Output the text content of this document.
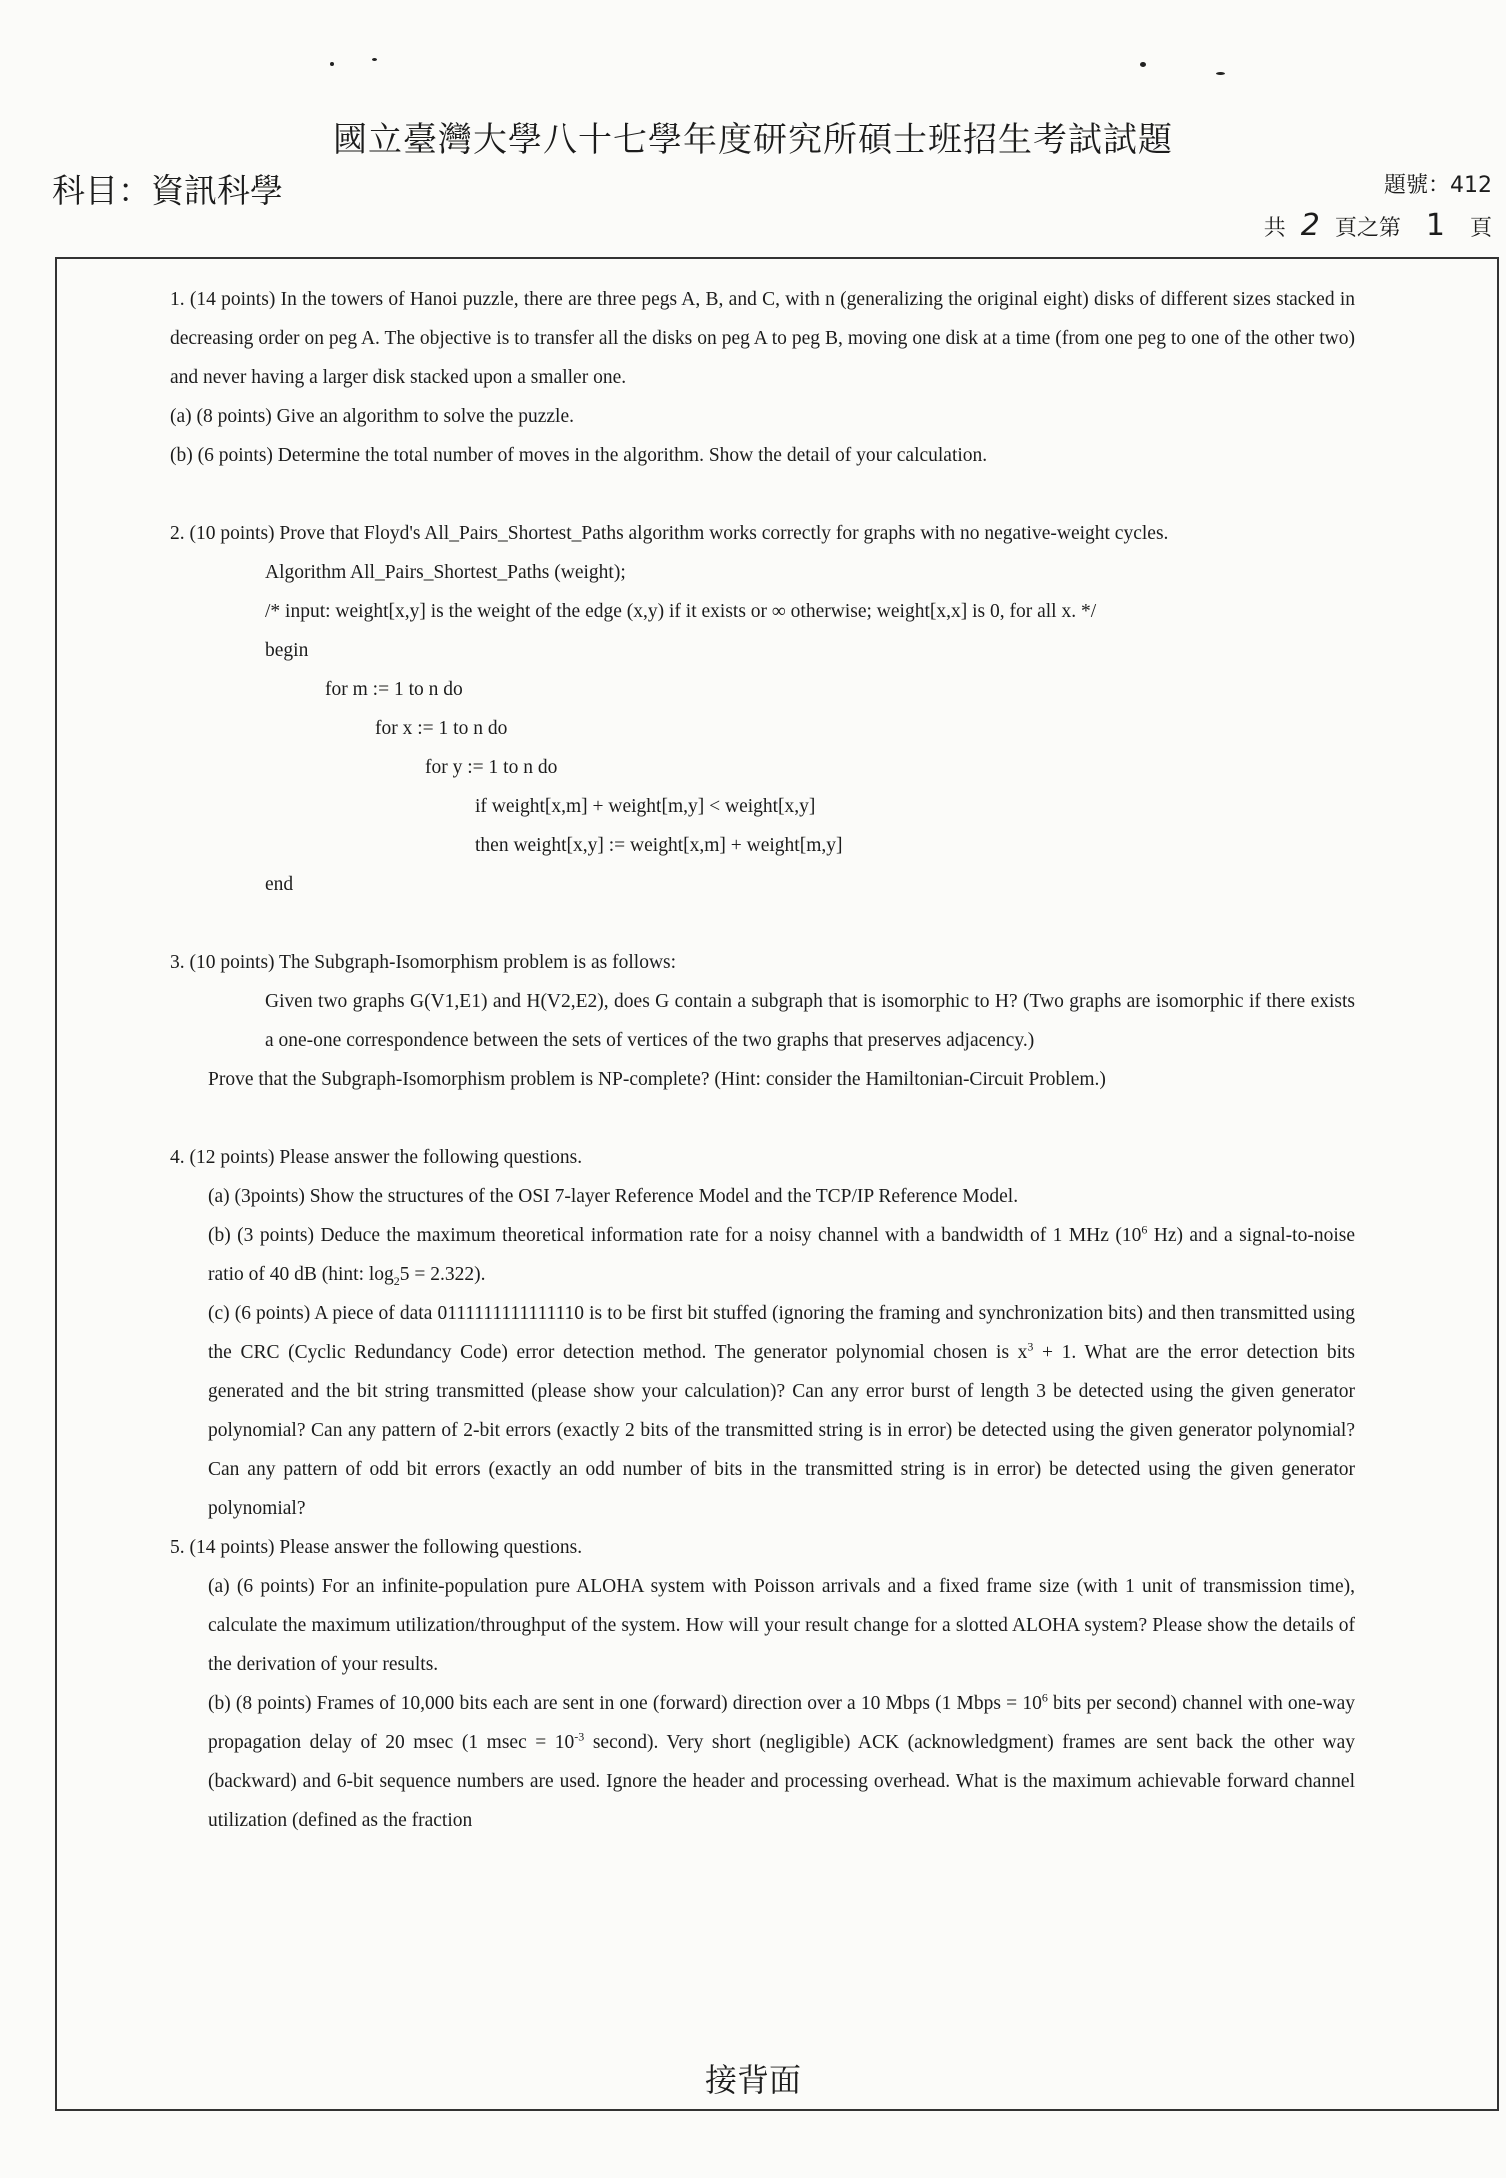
國立臺灣大學八十七學年度研究所碩士班招生考試試題
科目：資訊科學	題號：412
共 2 頁之第 1 頁

1. (14 points) In the towers of Hanoi puzzle, there are three pegs A, B, and C, with n (generalizing the original eight) disks of different sizes stacked in decreasing order on peg A. The objective is to transfer all the disks on peg A to peg B, moving one disk at a time (from one peg to one of the other two) and never having a larger disk stacked upon a smaller one.

(a) (8 points) Give an algorithm to solve the puzzle.

(b) (6 points) Determine the total number of moves in the algorithm. Show the detail of your calculation.

2. (10 points) Prove that Floyd's All_Pairs_Shortest_Paths algorithm works correctly for graphs with no negative-weight cycles.

Algorithm All_Pairs_Shortest_Paths (weight);

/* input: weight[x,y] is the weight of the edge (x,y) if it exists or ∞ otherwise; weight[x,x] is 0, for all x. */

begin

for m := 1 to n do

for x := 1 to n do

for y := 1 to n do

if weight[x,m] + weight[m,y] < weight[x,y]

then weight[x,y] := weight[x,m] + weight[m,y]

end

3. (10 points) The Subgraph-Isomorphism problem is as follows:

Given two graphs G(V1,E1) and H(V2,E2), does G contain a subgraph that is isomorphic to H? (Two graphs are isomorphic if there exists a one-one correspondence between the sets of vertices of the two graphs that preserves adjacency.)

Prove that the Subgraph-Isomorphism problem is NP-complete? (Hint: consider the Hamiltonian-Circuit Problem.)

4. (12 points) Please answer the following questions.

(a) (3points) Show the structures of the OSI 7-layer Reference Model and the TCP/IP Reference Model.

(b) (3 points) Deduce the maximum theoretical information rate for a noisy channel with a bandwidth of 1 MHz ($10^6$ Hz) and a signal-to-noise ratio of 40 dB (hint: $\log_25 = 2.322$).

(c) (6 points) A piece of data 0111111111111110 is to be first bit stuffed (ignoring the framing and synchronization bits) and then transmitted using the CRC (Cyclic Redundancy Code) error detection method. The generator polynomial chosen is $x^3 + 1$. What are the error detection bits generated and the bit string transmitted (please show your calculation)? Can any error burst of length 3 be detected using the given generator polynomial? Can any pattern of 2-bit errors (exactly 2 bits of the transmitted string is in error) be detected using the given generator polynomial? Can any pattern of odd bit errors (exactly an odd number of bits in the transmitted string is in error) be detected using the given generator polynomial?

5. (14 points) Please answer the following questions.

(a) (6 points) For an infinite-population pure ALOHA system with Poisson arrivals and a fixed frame size (with 1 unit of transmission time), calculate the maximum utilization/throughput of the system. How will your result change for a slotted ALOHA system? Please show the details of the derivation of your results.

(b) (8 points) Frames of 10,000 bits each are sent in one (forward) direction over a 10 Mbps (1 Mbps = $10^6$ bits per second) channel with one-way propagation delay of 20 msec (1 $msec = 10^{-3}$ second). Very short (negligible) ACK (acknowledgment) frames are sent back the other way (backward) and 6-bit sequence numbers are used. Ignore the header and processing overhead. What is the maximum achievable forward channel utilization (defined as the fraction

接背面
